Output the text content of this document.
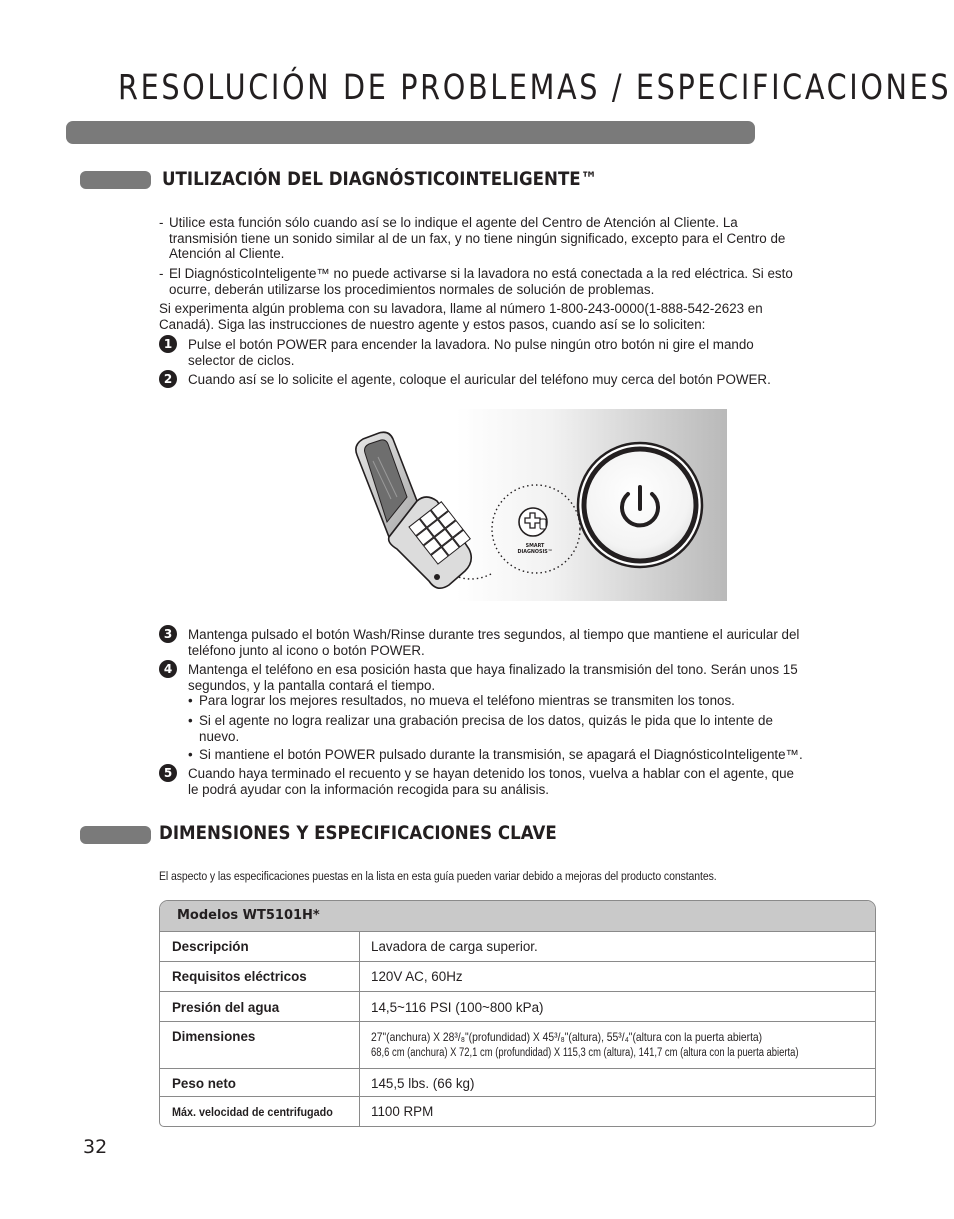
RESOLUCIÓN DE PROBLEMAS / ESPECIFICACIONES
UTILIZACIÓN DEL DIAGNÓSTICOINTELIGENTE™
- Utilice esta función sólo cuando así se lo indique el agente del Centro de Atención al Cliente. La
transmisión tiene un sonido similar al de un fax, y no tiene ningún significado, excepto para el Centro de
Atención al Cliente.
- El DiagnósticoInteligente™ no puede activarse si la lavadora no está conectada a la red eléctrica. Si esto
ocurre, deberán utilizarse los procedimientos normales de solución de problemas.
Si experimenta algún problema con su lavadora, llame al número 1-800-243-0000(1-888-542-2623 en
Canadá). Siga las instrucciones de nuestro agente y estos pasos, cuando así se lo soliciten:
1	Pulse el botón POWER para encender la lavadora. No pulse ningún otro botón ni gire el mando
selector de ciclos.
2	Cuando así se lo solicite el agente, coloque el auricular del teléfono muy cerca del botón POWER.
SMART
DIAGNOSIS™
3	Mantenga pulsado el botón Wash/Rinse durante tres segundos, al tiempo que mantiene el auricular del
teléfono junto al icono o botón POWER.
4	Mantenga el teléfono en esa posición hasta que haya finalizado la transmisión del tono. Serán unos 15
segundos, y la pantalla contará el tiempo.
• Para lograr los mejores resultados, no mueva el teléfono mientras se transmiten los tonos.
• Si el agente no logra realizar una grabación precisa de los datos, quizás le pida que lo intente de
nuevo.
• Si mantiene el botón POWER pulsado durante la transmisión, se apagará el DiagnósticoInteligente™.
5	Cuando haya terminado el recuento y se hayan detenido los tonos, vuelva a hablar con el agente, que
le podrá ayudar con la información recogida para su análisis.
DIMENSIONES Y ESPECIFICACIONES CLAVE
El aspecto y las especificaciones puestas en la lista en esta guía pueden variar debido a mejoras del producto constantes.
Modelos WT5101H*
Descripción	Lavadora de carga superior.
Requisitos eléctricos	120V AC, 60Hz
Presión del agua	14,5~116 PSI (100~800 kPa)
Dimensiones	27"(anchura) X 28³/₈"(profundidad) X 45³/₈"(altura), 55³/₄"(altura con la puerta abierta)
68,6 cm (anchura) X 72,1 cm (profundidad) X 115,3 cm (altura), 141,7 cm (altura con la puerta abierta)
Peso neto	145,5 lbs. (66 kg)
Máx. velocidad de centrifugado	1100 RPM
32
